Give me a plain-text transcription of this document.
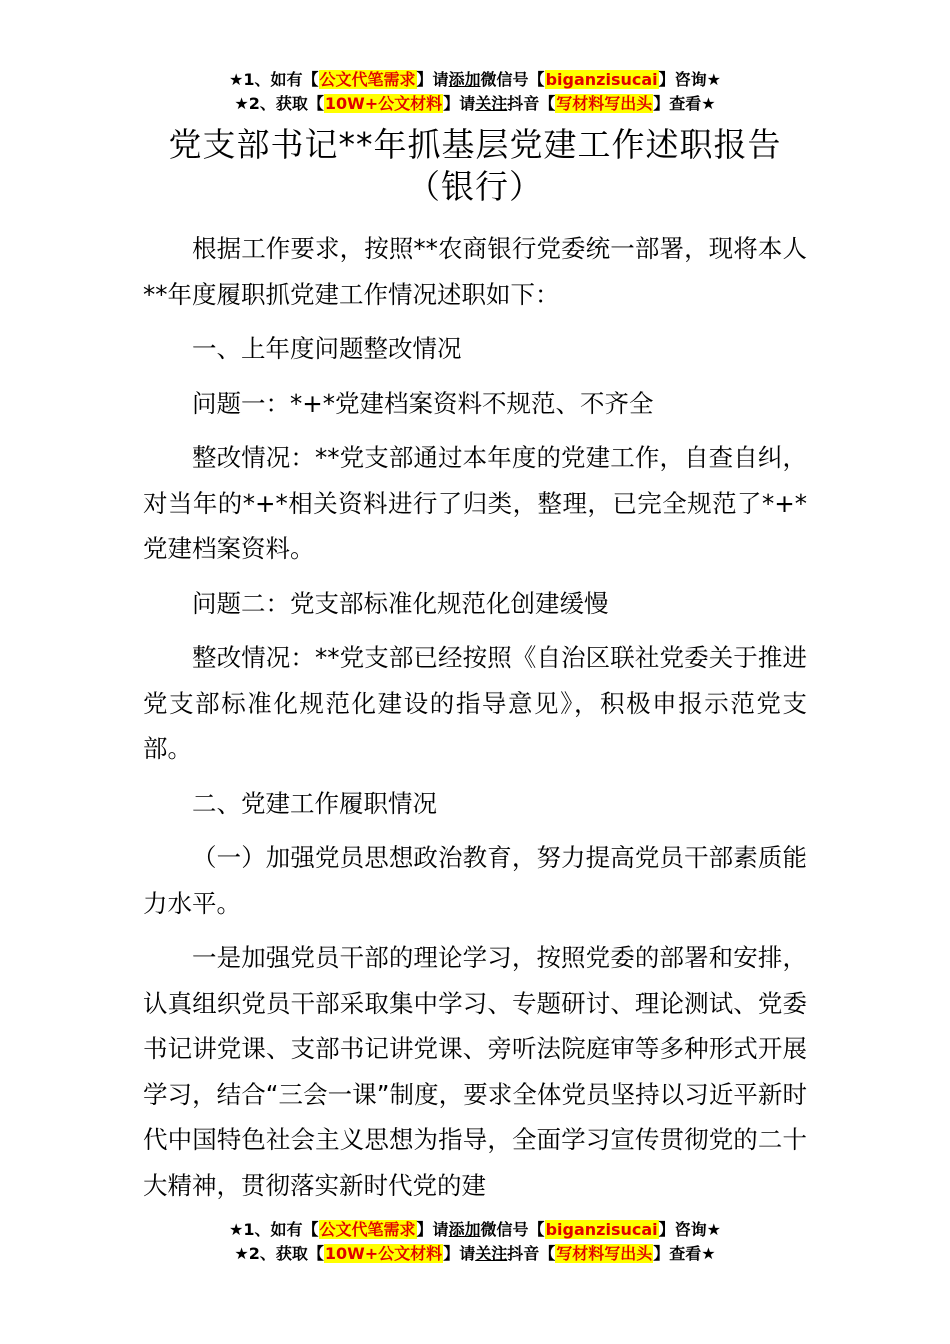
★1、如有【公文代笔需求】请添加微信号【biganzisucai】咨询★
★2、获取【10W+公文材料】请关注抖音【写材料写出头】查看★
党支部书记**年抓基层党建工作述职报告
（银行）

根据工作要求，按照**农商银行党委统一部署，现将本人**年度履职抓党建工作情况述职如下：

一、上年度问题整改情况

问题一：*+*党建档案资料不规范、不齐全

整改情况：**党支部通过本年度的党建工作，自查自纠，对当年的*+*相关资料进行了归类，整理，已完全规范了*+*党建档案资料。

问题二：党支部标准化规范化创建缓慢

整改情况：**党支部已经按照《自治区联社党委关于推进党支部标准化规范化建设的指导意见》，积极申报示范党支部。

二、党建工作履职情况

（一）加强党员思想政治教育，努力提高党员干部素质能力水平。

一是加强党员干部的理论学习，按照党委的部署和安排，认真组织党员干部采取集中学习、专题研讨、理论测试、党委书记讲党课、支部书记讲党课、旁听法院庭审等多种形式开展学习，结合“三会一课”制度，要求全体党员坚持以习近平新时代中国特色社会主义思想为指导，全面学习宣传贯彻党的二十大精神，贯彻落实新时代党的建

★1、如有【公文代笔需求】请添加微信号【biganzisucai】咨询★
★2、获取【10W+公文材料】请关注抖音【写材料写出头】查看★
